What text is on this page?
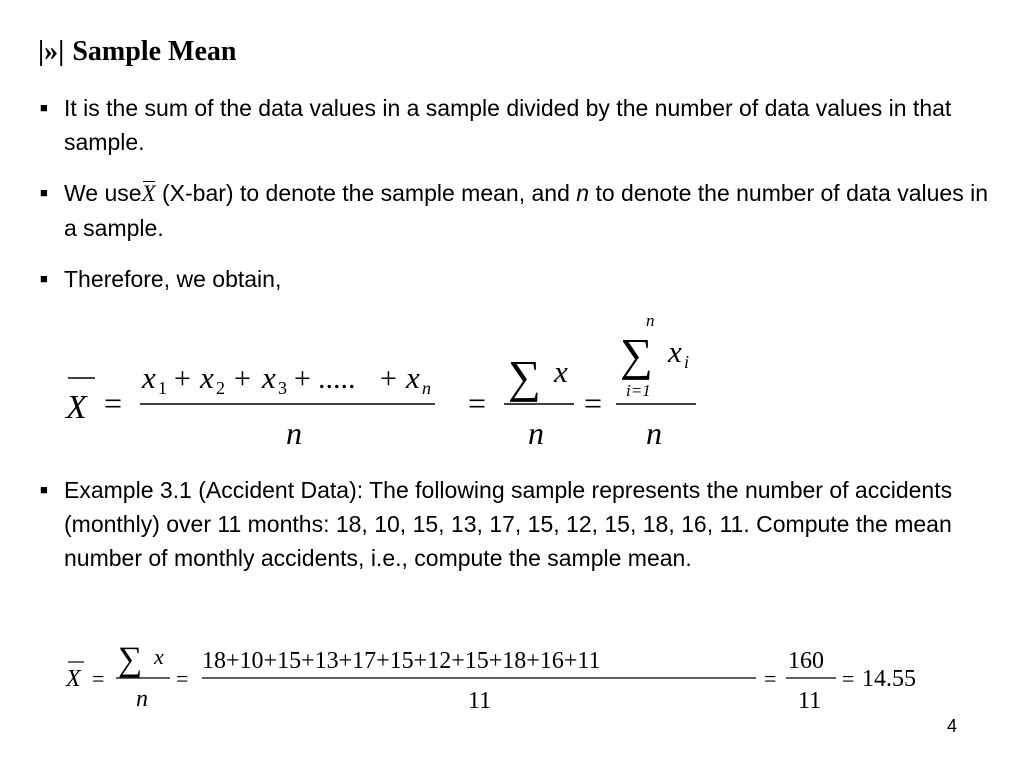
|»| Sample Mean
■ It is the sum of the data values in a sample divided by the number of data values in that sample.
■ We useX (X-bar) to denote the sample mean, and n to denote the number of data values in a sample.
■ Therefore, we obtain,
X =
x 1 + x 2 + x 3 + ..... + x n
n
=
∑ x
n
=
n
∑ x i
i=1
n
■ Example 3.1 (Accident Data): The following sample represents the number of accidents (monthly) over 11 months: 18, 10, 15, 13, 17, 15, 12, 15, 18, 16, 11. Compute the mean number of monthly accidents, i.e., compute the sample mean.
X =
∑ x
n
=
18+10+15+13+17+15+12+15+18+16+11
11
=
160
11
= 14.55
4
